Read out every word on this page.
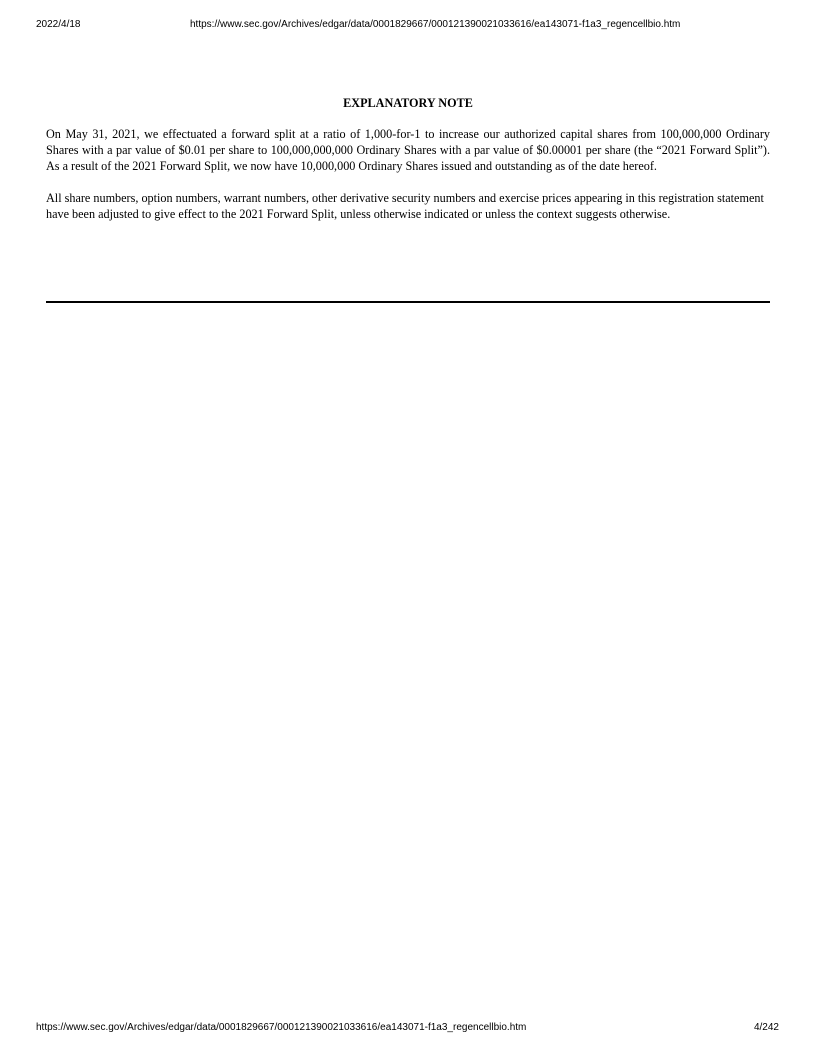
2022/4/18	https://www.sec.gov/Archives/edgar/data/0001829667/000121390021033616/ea143071-f1a3_regencellbio.htm
EXPLANATORY NOTE

On May 31, 2021, we effectuated a forward split at a ratio of 1,000-for-1 to increase our authorized capital shares from 100,000,000 Ordinary Shares with a par value of $0.01 per share to 100,000,000,000 Ordinary Shares with a par value of $0.00001 per share (the “2021 Forward Split”). As a result of the 2021 Forward Split, we now have 10,000,000 Ordinary Shares issued and outstanding as of the date hereof.

All share numbers, option numbers, warrant numbers, other derivative security numbers and exercise prices appearing in this registration statement have been adjusted to give effect to the 2021 Forward Split, unless otherwise indicated or unless the context suggests otherwise.

https://www.sec.gov/Archives/edgar/data/0001829667/000121390021033616/ea143071-f1a3_regencellbio.htm	4/242
